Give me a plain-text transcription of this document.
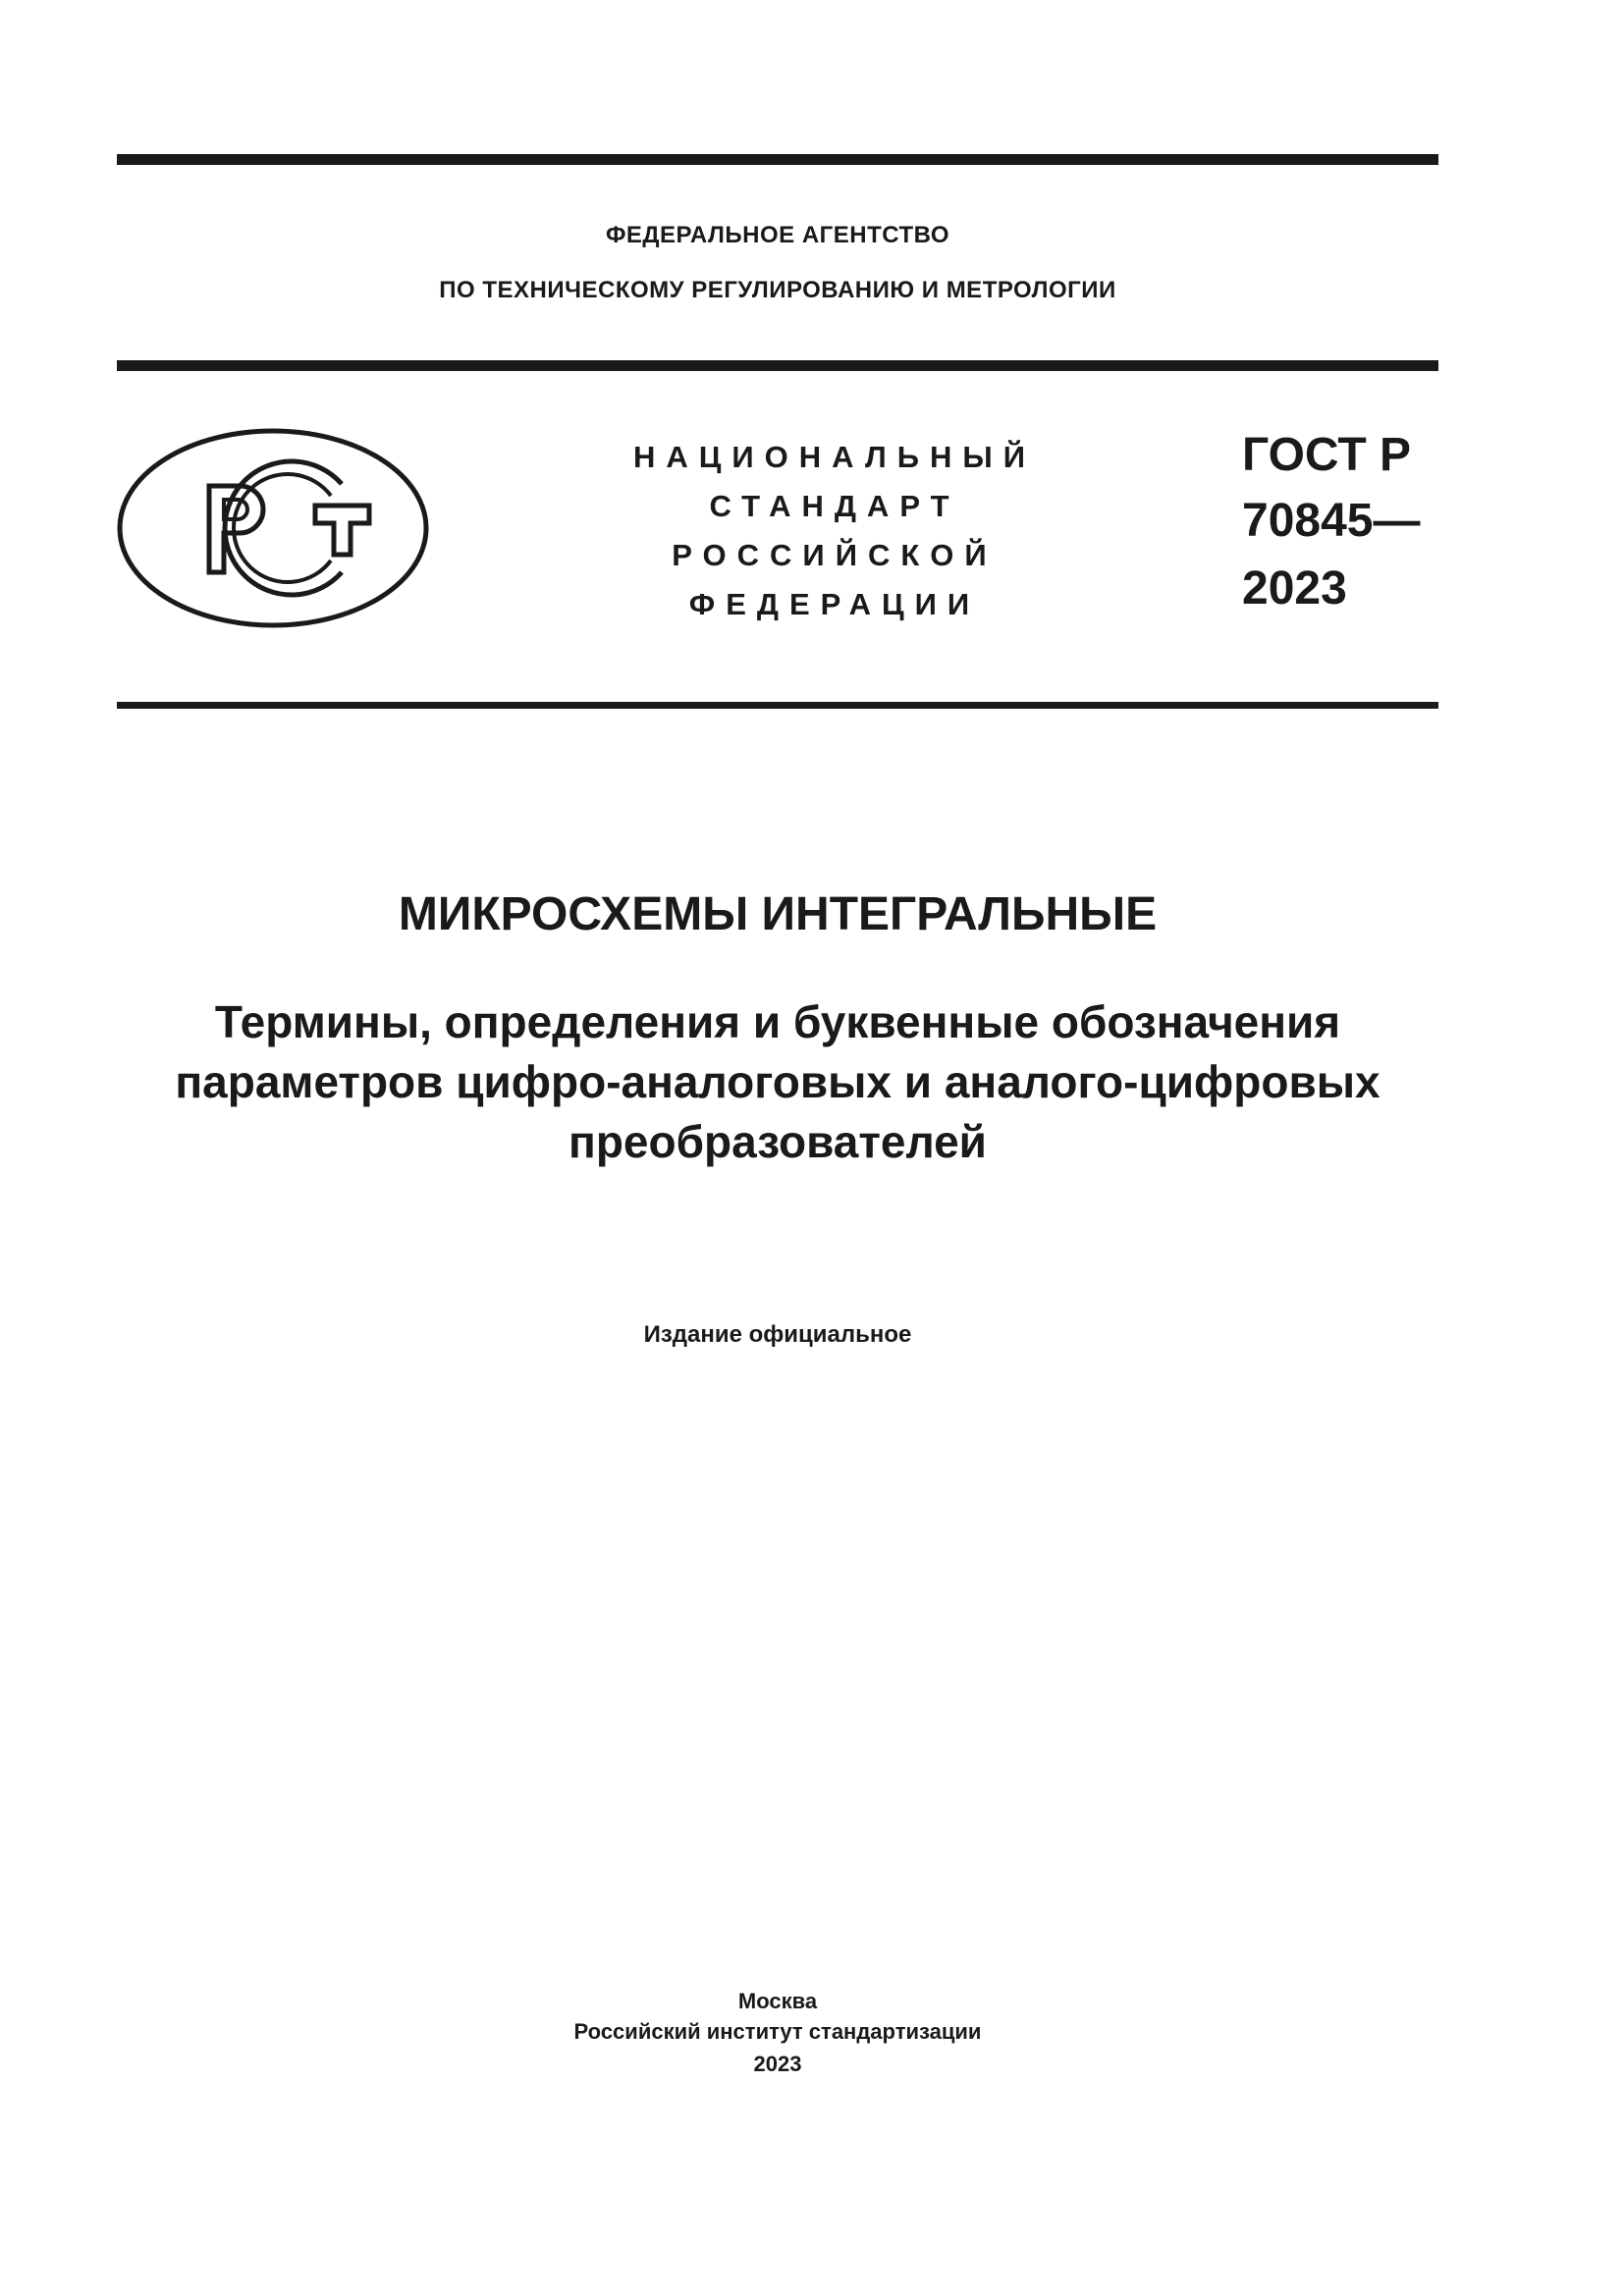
ФЕДЕРАЛЬНОЕ АГЕНТСТВО
ПО ТЕХНИЧЕСКОМУ РЕГУЛИРОВАНИЮ И МЕТРОЛОГИИ
НАЦИОНАЛЬНЫЙ
СТАНДАРТ
РОССИЙСКОЙ
ФЕДЕРАЦИИ
ГОСТ Р
70845—
2023
МИКРОСХЕМЫ ИНТЕГРАЛЬНЫЕ
Термины, определения и буквенные обозначения
параметров цифро-аналоговых и аналого-цифровых
преобразователей
Издание официальное
Москва
Российский институт стандартизации
2023
